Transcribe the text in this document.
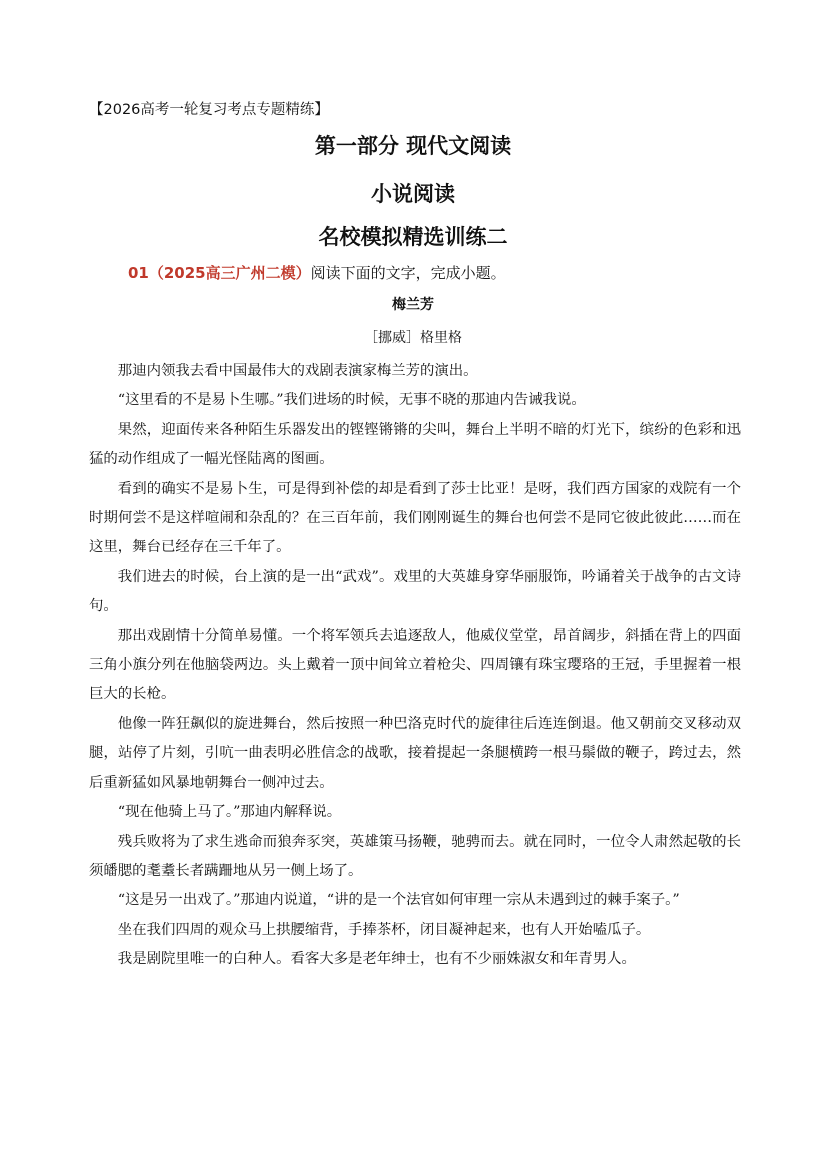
【2026高考一轮复习考点专题精练】
第一部分 现代文阅读
小说阅读
名校模拟精选训练二
01（2025高三广州二模）阅读下面的文字，完成小题。
梅兰芳
［挪威］格里格

那迪内领我去看中国最伟大的戏剧表演家梅兰芳的演出。

“这里看的不是易卜生哪。”我们进场的时候，无事不晓的那迪内告诫我说。

果然，迎面传来各种陌生乐器发出的铿铿锵锵的尖叫，舞台上半明不暗的灯光下，缤纷的色彩和迅猛的动作组成了一幅光怪陆离的图画。

看到的确实不是易卜生，可是得到补偿的却是看到了莎士比亚！是呀，我们西方国家的戏院有一个时期何尝不是这样喧闹和杂乱的？在三百年前，我们刚刚诞生的舞台也何尝不是同它彼此彼此……而在这里，舞台已经存在三千年了。

我们进去的时候，台上演的是一出“武戏”。戏里的大英雄身穿华丽服饰，吟诵着关于战争的古文诗句。

那出戏剧情十分简单易懂。一个将军领兵去追逐敌人，他威仪堂堂，昂首阔步，斜插在背上的四面三角小旗分列在他脑袋两边。头上戴着一顶中间耸立着枪尖、四周镶有珠宝璎珞的王冠，手里握着一根巨大的长枪。

他像一阵狂飙似的旋进舞台，然后按照一种巴洛克时代的旋律往后连连倒退。他又朝前交叉移动双腿，站停了片刻，引吭一曲表明必胜信念的战歌，接着提起一条腿横跨一根马鬃做的鞭子，跨过去，然后重新猛如风暴地朝舞台一侧冲过去。

“现在他骑上马了。”那迪内解释说。

残兵败将为了求生逃命而狼奔豕突，英雄策马扬鞭，驰骋而去。就在同时，一位令人肃然起敬的长须皤腮的耄耋长者蹒跚地从另一侧上场了。

“这是另一出戏了。”那迪内说道，“讲的是一个法官如何审理一宗从未遇到过的棘手案子。”

坐在我们四周的观众马上拱腰缩背，手捧茶杯，闭目凝神起来，也有人开始嗑瓜子。

我是剧院里唯一的白种人。看客大多是老年绅士，也有不少丽姝淑女和年青男人。
